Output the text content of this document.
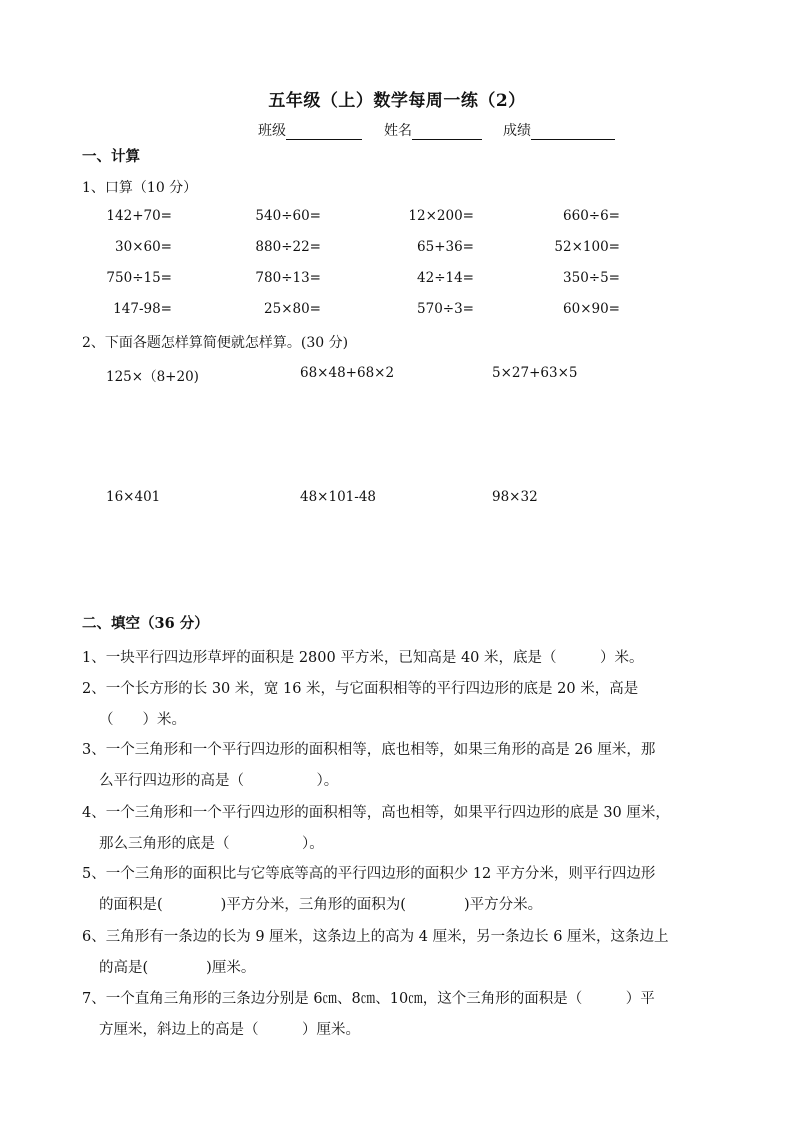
五年级（上）数学每周一练（2）
班级	姓名	成绩
一、计算
1、口算（10 分）
142+70=	540÷60=	12×200=	660÷6=
30×60=	880÷22=	65+36=	52×100=
750÷15=	780÷13=	42÷14=	350÷5=
147-98=	25×80=	570÷3=	60×90=
2、下面各题怎样算简便就怎样算。(30 分)
125×（8+20)	68×48+68×2	5×27+63×5
16×401	48×101-48	98×32
二、填空（36 分）
1、一块平行四边形草坪的面积是 2800 平方米，已知高是 40 米，底是（　　　）米。
2、一个长方形的长 30 米，宽 16 米，与它面积相等的平行四边形的底是 20 米，高是
（　　）米。
3、一个三角形和一个平行四边形的面积相等，底也相等，如果三角形的高是 26 厘米，那
么平行四边形的高是（　　　　　）。
4、一个三角形和一个平行四边形的面积相等，高也相等，如果平行四边形的底是 30 厘米，
那么三角形的底是（　　　　　）。
5、一个三角形的面积比与它等底等高的平行四边形的面积少 12 平方分米，则平行四边形
的面积是(　　　　)平方分米，三角形的面积为(　　　　)平方分米。
6、三角形有一条边的长为 9 厘米，这条边上的高为 4 厘米，另一条边长 6 厘米，这条边上
的高是(　　　　)厘米。
7、一个直角三角形的三条边分别是 6㎝、8㎝、10㎝，这个三角形的面积是（　　　）平
方厘米，斜边上的高是（　　　）厘米。
